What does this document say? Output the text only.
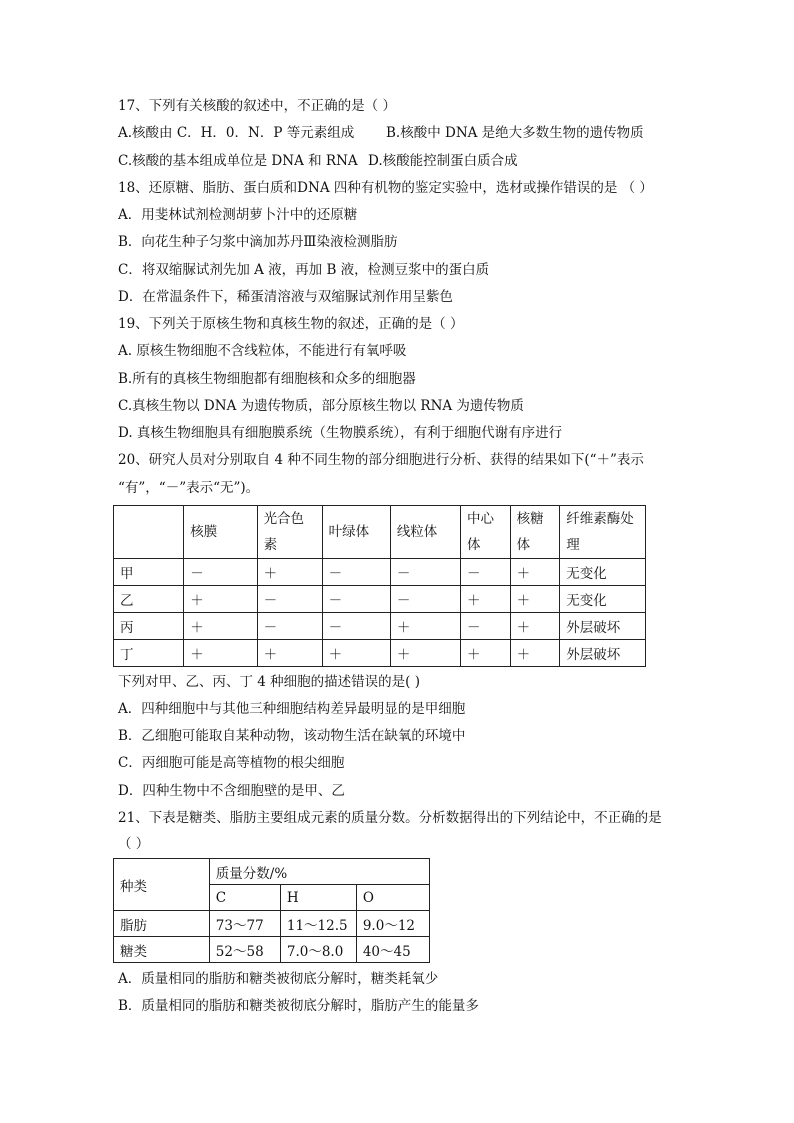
17、下列有关核酸的叙述中，不正确的是（ ）
A.核酸由 C．H．0．N．P 等元素组成 B.核酸中 DNA 是绝大多数生物的遗传物质
C.核酸的基本组成单位是 DNA 和 RNA D.核酸能控制蛋白质合成
18、还原糖、脂肪、蛋白质和DNA 四种有机物的鉴定实验中，选材或操作错误的是 （ ）
A．用斐林试剂检测胡萝卜汁中的还原糖
B．向花生种子匀浆中滴加苏丹Ⅲ染液检测脂肪
C．将双缩脲试剂先加 A 液，再加 B 液，检测豆浆中的蛋白质
D．在常温条件下，稀蛋清溶液与双缩脲试剂作用呈紫色
19、下列关于原核生物和真核生物的叙述，正确的是（ ）
A. 原核生物细胞不含线粒体，不能进行有氧呼吸
B.所有的真核生物细胞都有细胞核和众多的细胞器
C.真核生物以 DNA 为遗传物质，部分原核生物以 RNA 为遗传物质
D. 真核生物细胞具有细胞膜系统（生物膜系统），有利于细胞代谢有序进行
20、研究人员对分别取自 4 种不同生物的部分细胞进行分析、获得的结果如下(“＋”表示
“有”，“－”表示“无”)。
	核膜	光合色素	叶绿体	线粒体	中心体	核糖体	纤维素酶处理
甲	－	＋	－	－	－	＋	无变化
乙	＋	－	－	－	＋	＋	无变化
丙	＋	－	－	＋	－	＋	外层破坏
丁	＋	＋	＋	＋	＋	＋	外层破坏
下列对甲、乙、丙、丁 4 种细胞的描述错误的是( )
A．四种细胞中与其他三种细胞结构差异最明显的是甲细胞
B．乙细胞可能取自某种动物，该动物生活在缺氧的环境中
C．丙细胞可能是高等植物的根尖细胞
D．四种生物中不含细胞壁的是甲、乙
21、下表是糖类、脂肪主要组成元素的质量分数。分析数据得出的下列结论中，不正确的是
（ ）
种类	质量分数/%		
	C	H	O
脂肪	73～77	11～12.5	9.0～12
糖类	52～58	7.0～8.0	40～45
A．质量相同的脂肪和糖类被彻底分解时，糖类耗氧少
B．质量相同的脂肪和糖类被彻底分解时，脂肪产生的能量多
